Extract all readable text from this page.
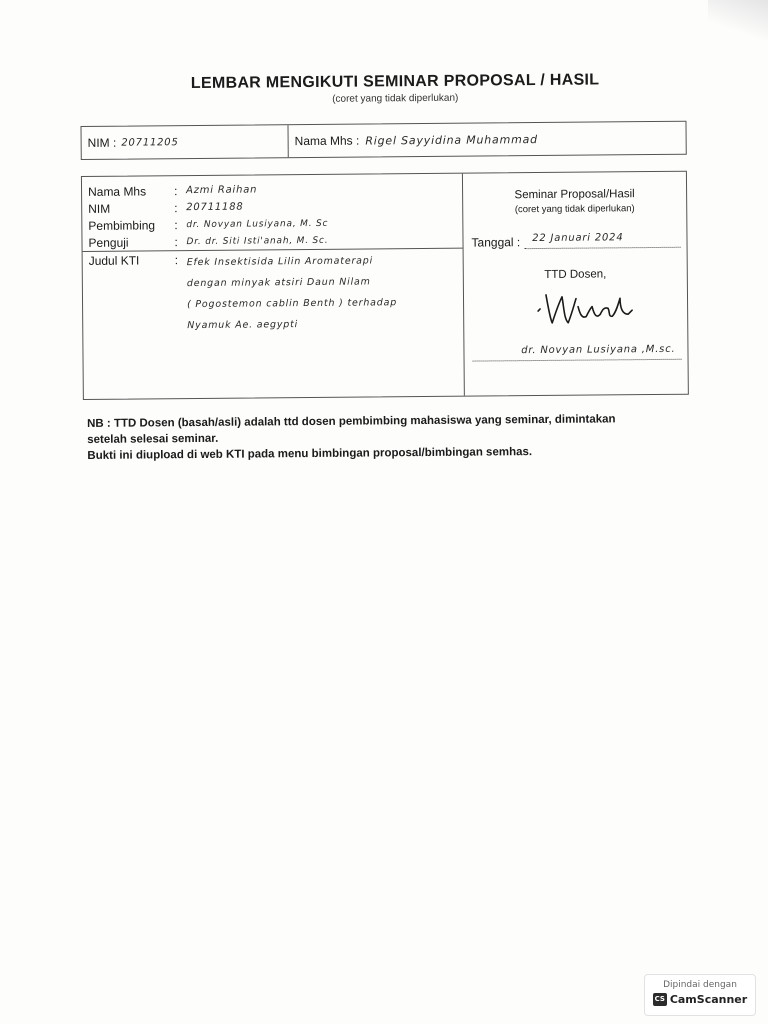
LEMBAR MENGIKUTI SEMINAR PROPOSAL / HASIL
(coret yang tidak diperlukan)
NIM : 20711205	Nama Mhs : Rigel Sayyidina Muhammad
Nama Mhs	: Azmi Raihan
NIM	: 20711188
Pembimbing	: dr. Novyan Lusiyana, M. Sc
Penguji	: Dr. dr. Siti Isti'anah, M. Sc.
Judul KTI	: Efek Insektisida Lilin Aromaterapi
dengan minyak atsiri Daun Nilam
( Pogostemon cablin Benth ) terhadap
Nyamuk Ae. aegypti
Seminar Proposal/Hasil
(coret yang tidak diperlukan)
Tanggal :	22 Januari 2024
TTD Dosen,
dr. Novyan Lusiyana ,M.sc.
NB : TTD Dosen (basah/asli) adalah ttd dosen pembimbing mahasiswa yang seminar, dimintakan
setelah selesai seminar.
Bukti ini diupload di web KTI pada menu bimbingan proposal/bimbingan semhas.
Dipindai dengan
CS CamScanner
